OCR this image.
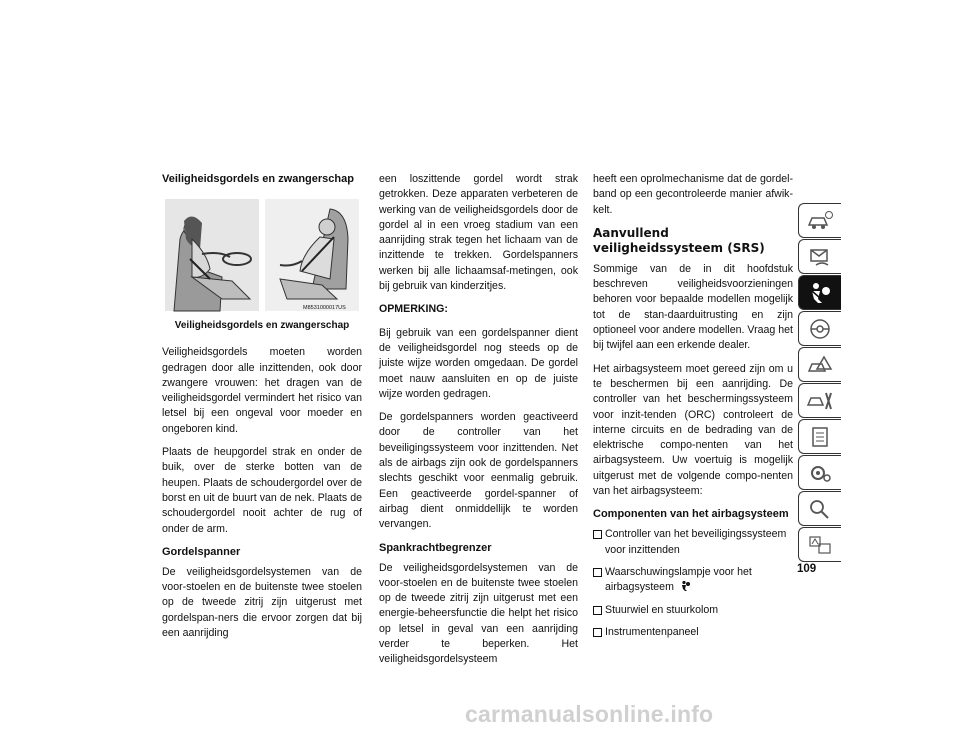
Veiligheidsgordels en zwangerschap
M8531000017US
Veiligheidsgordels en zwangerschap

Veiligheidsgordels moeten worden gedragen door alle inzittenden, ook door zwangere vrouwen: het dragen van de veiligheidsgordel vermindert het risico van letsel bij een ongeval voor moeder en ongeboren kind.

Plaats de heupgordel strak en onder de buik, over de sterke botten van de heupen. Plaats de schoudergordel over de borst en uit de buurt van de nek. Plaats de schoudergordel nooit achter de rug of onder de arm.

Gordelspanner

De veiligheidsgordelsystemen van de voor-stoelen en de buitenste twee stoelen op de tweede zitrij zijn uitgerust met gordelspan-ners die ervoor zorgen dat bij een aanrijding

een loszittende gordel wordt strak getrokken. Deze apparaten verbeteren de werking van de veiligheidsgordels door de gordel al in een vroeg stadium van een aanrijding strak tegen het lichaam van de inzittende te trekken. Gordelspanners werken bij alle lichaamsaf-metingen, ook bij gebruik van kinderzitjes.

OPMERKING:

Bij gebruik van een gordelspanner dient de veiligheidsgordel nog steeds op de juiste wijze worden omgedaan. De gordel moet nauw aansluiten en op de juiste wijze worden gedragen.

De gordelspanners worden geactiveerd door de controller van het beveiligingssysteem voor inzittenden. Net als de airbags zijn ook de gordelspanners slechts geschikt voor eenmalig gebruik. Een geactiveerde gordel-spanner of airbag dient onmiddellijk te worden vervangen.

Spankrachtbegrenzer

De veiligheidsgordelsystemen van de voor-stoelen en de buitenste twee stoelen op de tweede zitrij zijn uitgerust met een energie-beheersfunctie die helpt het risico op letsel in geval van een aanrijding verder te beperken. Het veiligheidsgordelsysteem

heeft een oprolmechanisme dat de gordel-band op een gecontroleerde manier afwik-kelt.

Aanvullend veiligheidssysteem (SRS)

Sommige van de in dit hoofdstuk beschreven veiligheidsvoorzieningen behoren voor bepaalde modellen mogelijk tot de stan-daarduitrusting en zijn optioneel voor andere modellen. Vraag het bij twijfel aan een erkende dealer.

Het airbagsysteem moet gereed zijn om u te beschermen bij een aanrijding. De controller van het beschermingssysteem voor inzit-tenden (ORC) controleert de interne circuits en de bedrading van de elektrische compo-nenten van het airbagsysteem. Uw voertuig is mogelijk uitgerust met de volgende compo-nenten van het airbagsysteem:

Componenten van het airbagsysteem
Controller van het beveiligingssysteem voor inzittenden
Waarschuwingslampje voor het airbagsysteem
Stuurwiel en stuurkolom
Instrumentenpaneel
109
carmanualsonline.info
